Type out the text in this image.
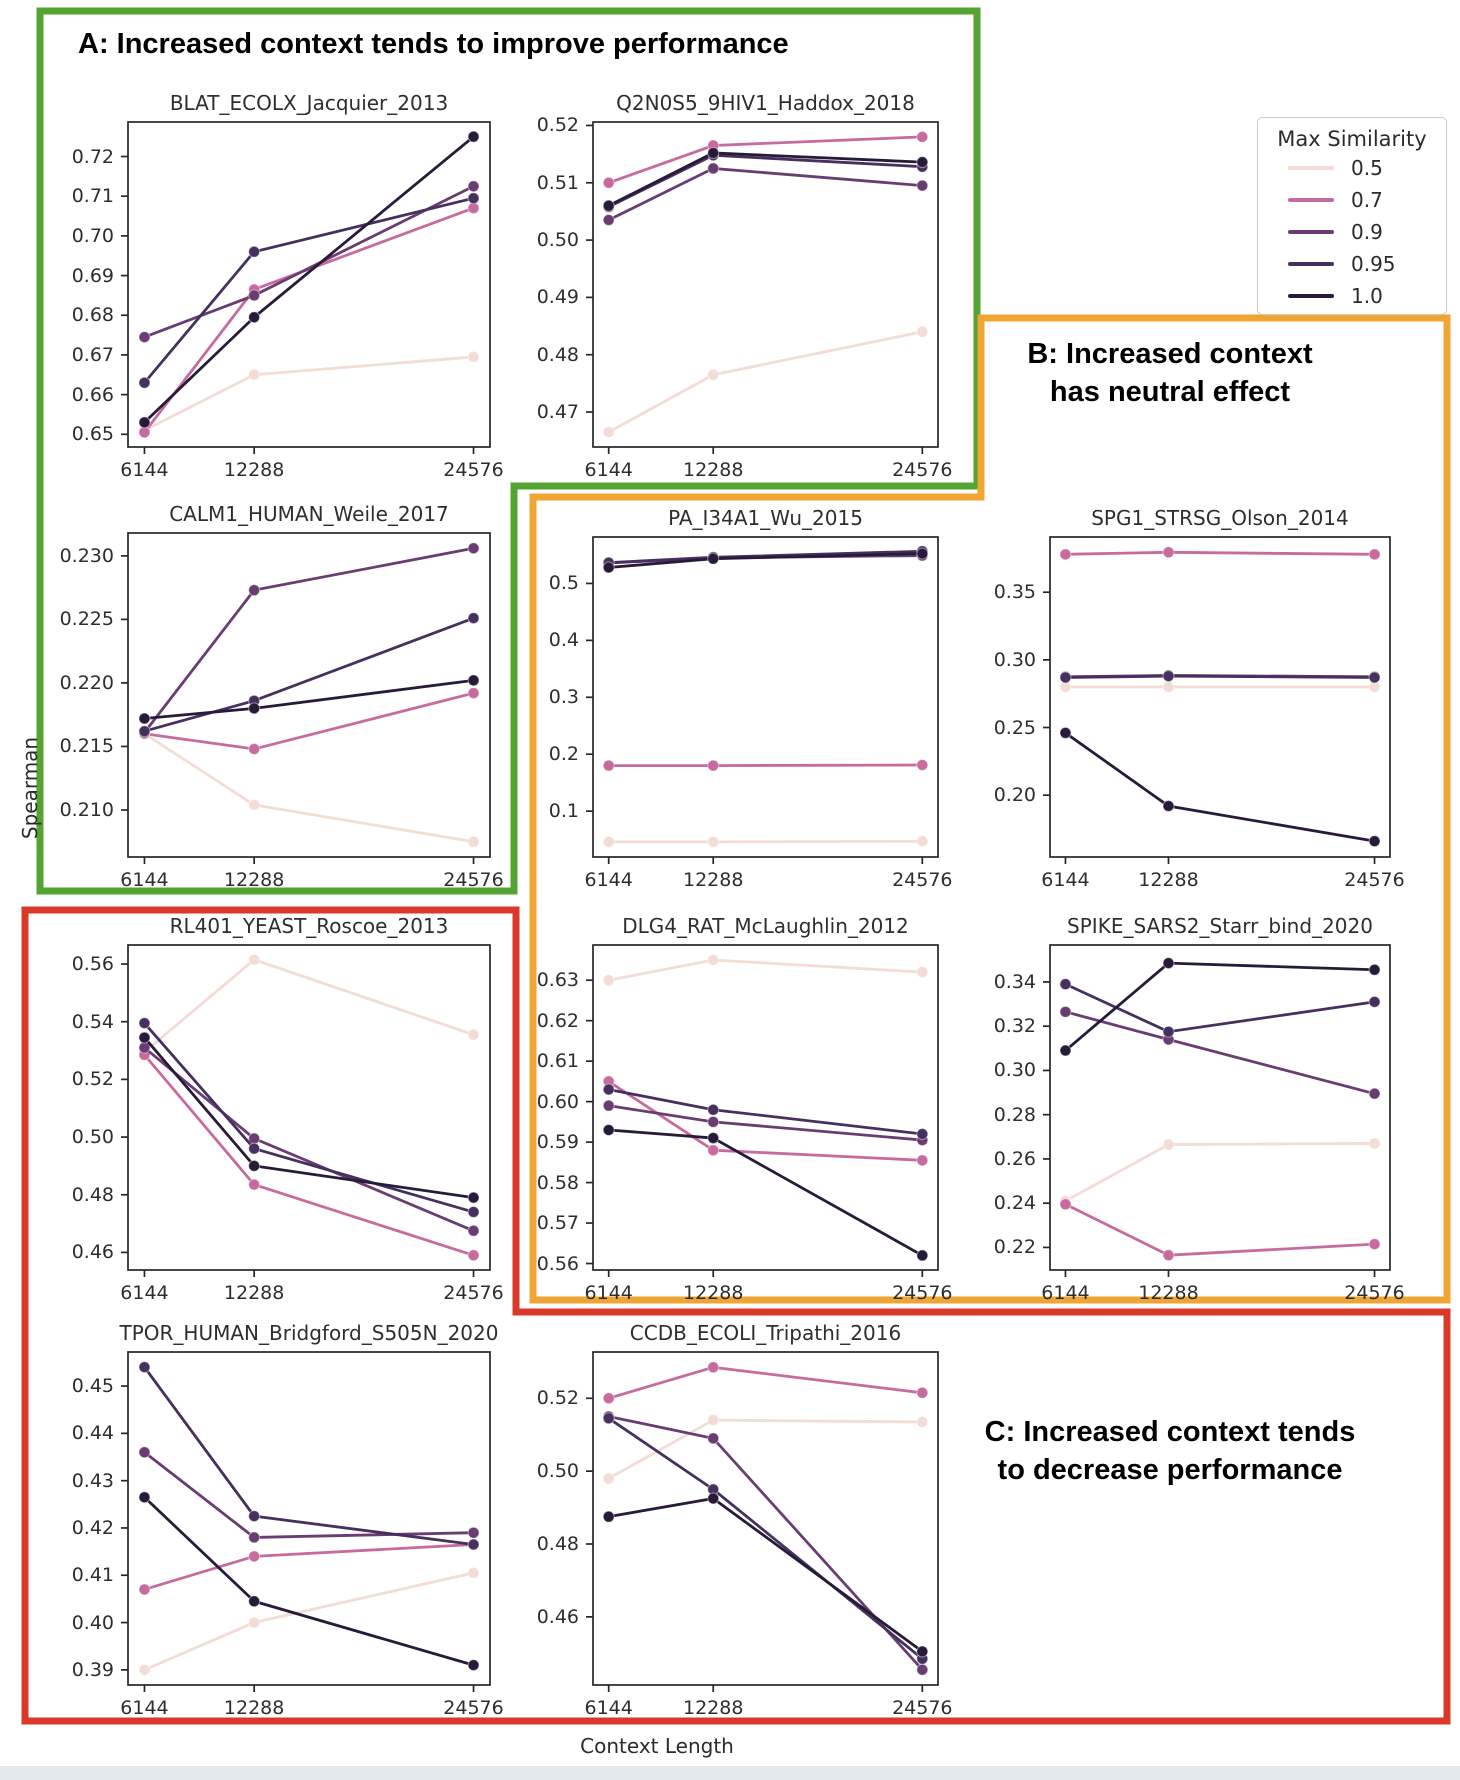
A: Increased context tends to improve performance
B: Increased context
has neutral effect
C: Increased context tends
to decrease performance
Max Similarity
0.5
0.7
0.9
0.95
1.0
Spearman
Context Length
BLAT_ECOLX_Jacquier_2013
0.65
0.66
0.67
0.68
0.69
0.70
0.71
0.72
6144	12288	24576
Q2N0S5_9HIV1_Haddox_2018
0.47
0.48
0.49
0.50
0.51
0.52
6144	12288	24576
CALM1_HUMAN_Weile_2017
0.210
0.215
0.220
0.225
0.230
6144	12288	24576
PA_I34A1_Wu_2015
0.1
0.2
0.3
0.4
0.5
6144	12288	24576
SPG1_STRSG_Olson_2014
0.20
0.25
0.30
0.35
6144	12288	24576
RL401_YEAST_Roscoe_2013
0.46
0.48
0.50
0.52
0.54
0.56
6144	12288	24576
DLG4_RAT_McLaughlin_2012
0.56
0.57
0.58
0.59
0.60
0.61
0.62
0.63
6144	12288	24576
SPIKE_SARS2_Starr_bind_2020
0.22
0.24
0.26
0.28
0.30
0.32
0.34
6144	12288	24576
TPOR_HUMAN_Bridgford_S505N_2020
0.39
0.40
0.41
0.42
0.43
0.44
0.45
6144	12288	24576
CCDB_ECOLI_Tripathi_2016
0.46
0.48
0.50
0.52
6144	12288	24576
